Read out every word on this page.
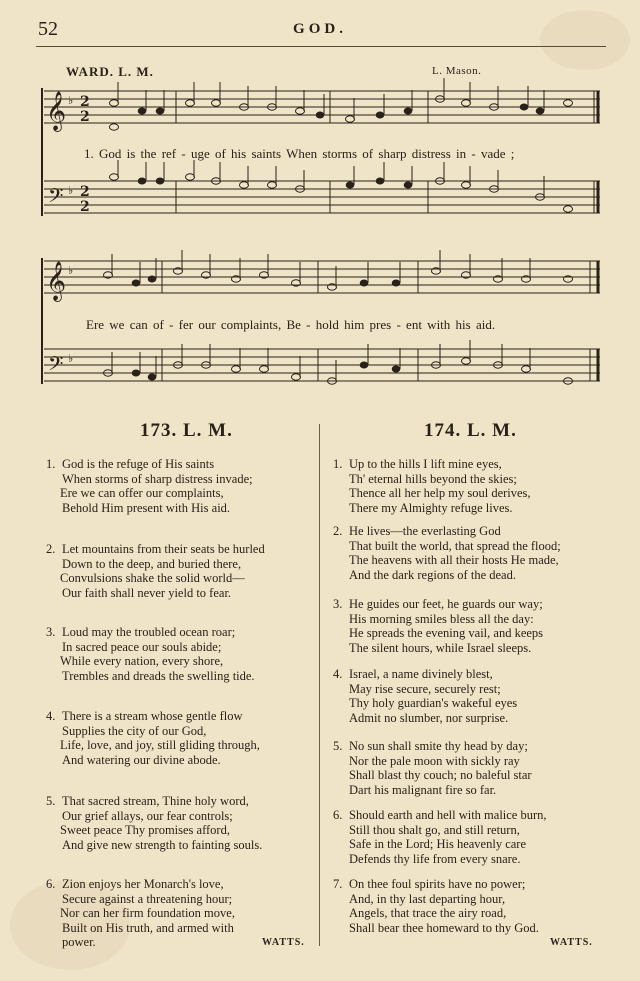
52	GOD.
WARD. L. M.	L. Mason.
𝄞
𝄞
𝄢
𝄢
♭
♭
♭
♭
2
2
2
2
1. God is the ref - uge of his saints When storms of sharp distress in - vade ;
Ere we can of - fer our complaints, Be - hold him pres - ent with his aid.
173. L. M.	174. L. M.
1. God is the refuge of His saints
When storms of sharp distress invade;
Ere we can offer our complaints,
Behold Him present with His aid.
2. Let mountains from their seats be hurled
Down to the deep, and buried there,
Convulsions shake the solid world—
Our faith shall never yield to fear.
3. Loud may the troubled ocean roar;
In sacred peace our souls abide;
While every nation, every shore,
Trembles and dreads the swelling tide.
4. There is a stream whose gentle flow
Supplies the city of our God,
Life, love, and joy, still gliding through,
And watering our divine abode.
5. That sacred stream, Thine holy word,
Our grief allays, our fear controls;
Sweet peace Thy promises afford,
And give new strength to fainting souls.
6. Zion enjoys her Monarch's love,
Secure against a threatening hour;
Nor can her firm foundation move,
Built on His truth, and armed with
power.	WATTS.
1. Up to the hills I lift mine eyes,
Th' eternal hills beyond the skies;
Thence all her help my soul derives,
There my Almighty refuge lives.
2. He lives—the everlasting God
That built the world, that spread the flood;
The heavens with all their hosts He made,
And the dark regions of the dead.
3. He guides our feet, he guards our way;
His morning smiles bless all the day:
He spreads the evening vail, and keeps
The silent hours, while Israel sleeps.
4. Israel, a name divinely blest,
May rise secure, securely rest;
Thy holy guardian's wakeful eyes
Admit no slumber, nor surprise.
5. No sun shall smite thy head by day;
Nor the pale moon with sickly ray
Shall blast thy couch; no baleful star
Dart his malignant fire so far.
6. Should earth and hell with malice burn,
Still thou shalt go, and still return,
Safe in the Lord; His heavenly care
Defends thy life from every snare.
7. On thee foul spirits have no power;
And, in thy last departing hour,
Angels, that trace the airy road,
Shall bear thee homeward to thy God.
WATTS.
